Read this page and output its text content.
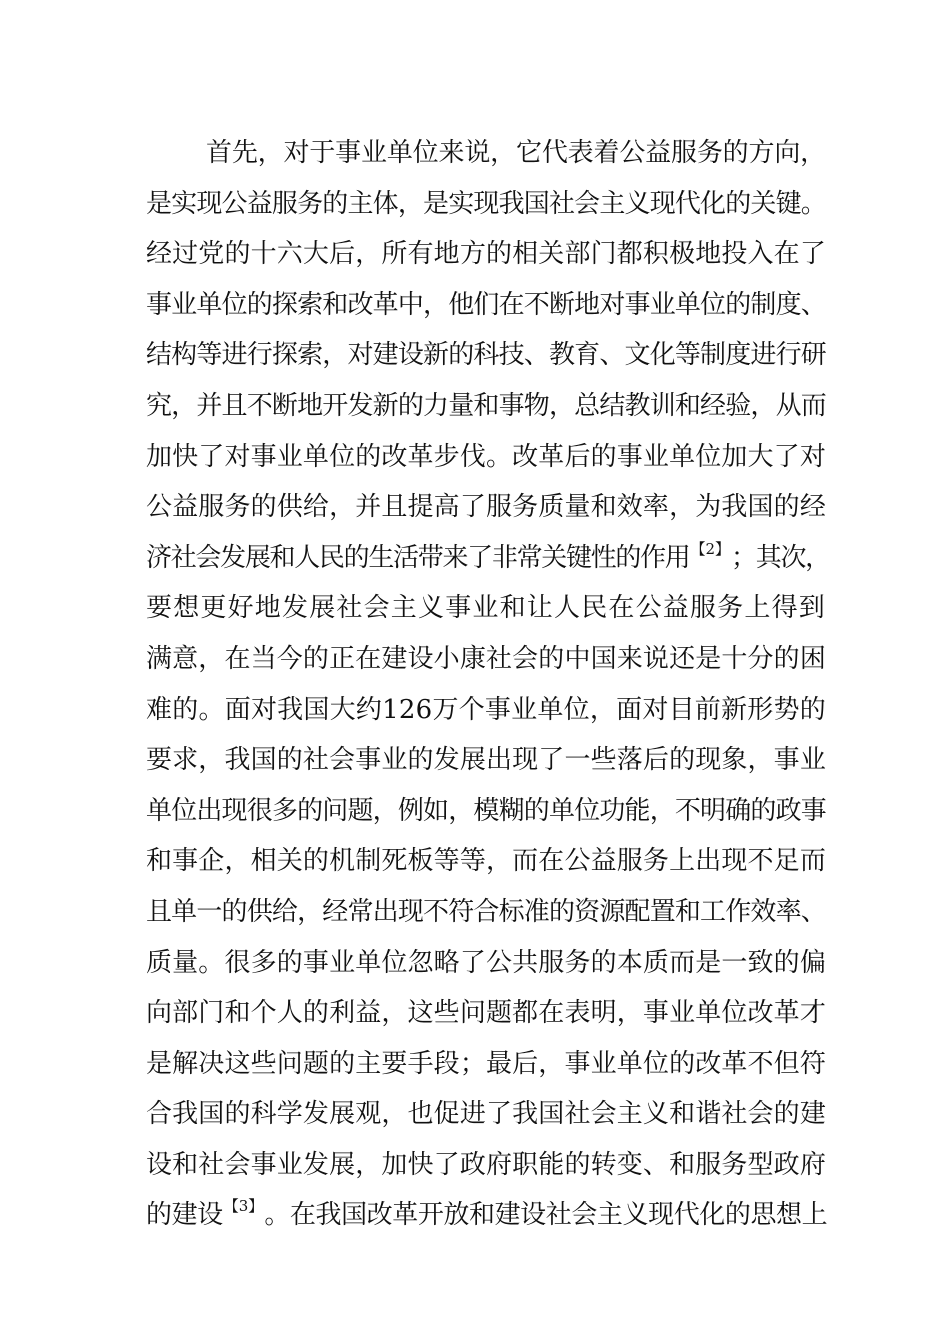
首先，对于事业单位来说，它代表着公益服务的方向，
是实现公益服务的主体，是实现我国社会主义现代化的关键。
经过党的十六大后，所有地方的相关部门都积极地投入在了
事业单位的探索和改革中，他们在不断地对事业单位的制度、
结构等进行探索，对建设新的科技、教育、文化等制度进行研
究，并且不断地开发新的力量和事物，总结教训和经验，从而
加快了对事业单位的改革步伐。改革后的事业单位加大了对
公益服务的供给，并且提高了服务质量和效率，为我国的经
济社会发展和人民的生活带来了非常关键性的作用【2】；其次，
要想更好地发展社会主义事业和让人民在公益服务上得到
满意，在当今的正在建设小康社会的中国来说还是十分的困
难的。面对我国大约126万个事业单位，面对目前新形势的
要求，我国的社会事业的发展出现了一些落后的现象，事业
单位出现很多的问题，例如，模糊的单位功能，不明确的政事
和事企，相关的机制死板等等，而在公益服务上出现不足而
且单一的供给，经常出现不符合标准的资源配置和工作效率、
质量。很多的事业单位忽略了公共服务的本质而是一致的偏
向部门和个人的利益，这些问题都在表明，事业单位改革才
是解决这些问题的主要手段；最后，事业单位的改革不但符
合我国的科学发展观，也促进了我国社会主义和谐社会的建
设和社会事业发展，加快了政府职能的转变、和服务型政府
的建设【3】。在我国改革开放和建设社会主义现代化的思想上
